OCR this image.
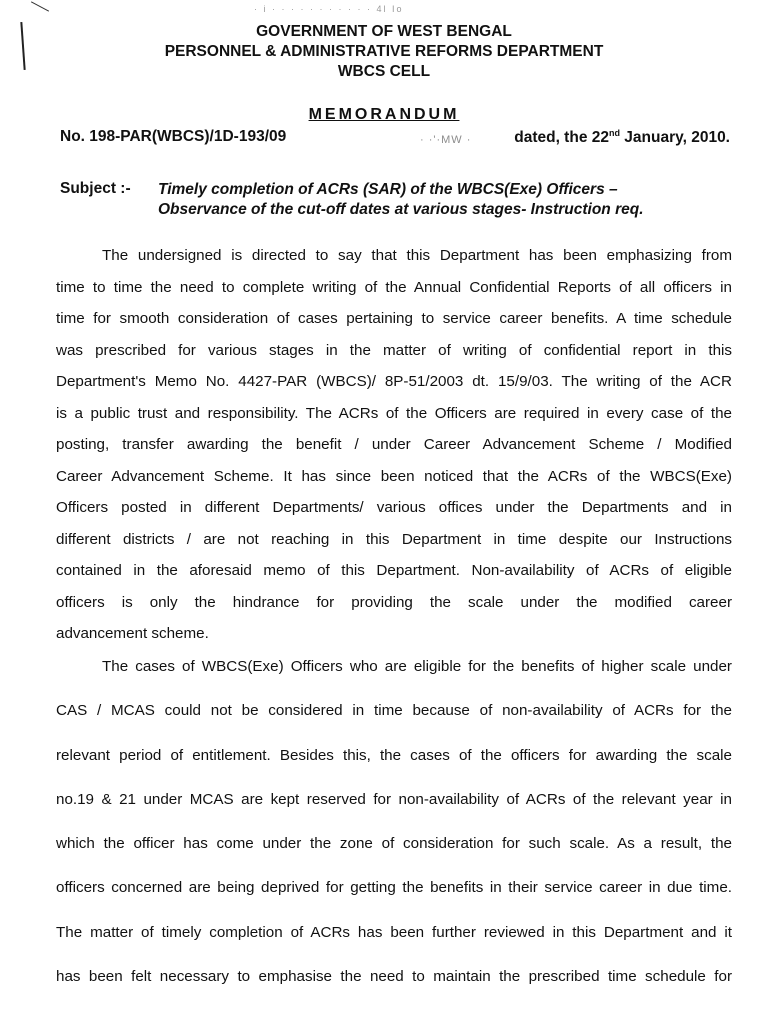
· i · · · · · · · · · · · 4l Io
GOVERNMENT OF WEST BENGAL
PERSONNEL & ADMINISTRATIVE REFORMS DEPARTMENT
WBCS CELL
MEMORANDUM
No. 198-PAR(WBCS)/1D-193/09	· ·'·MW ·	dated, the 22nd January, 2010.
Subject :- Timely completion of ACRs (SAR) of the WBCS(Exe) Officers –
Observance of the cut-off dates at various stages- Instruction req.
The undersigned is directed to say that this Department has been emphasizing from
time to time the need to complete writing of the Annual Confidential Reports of all officers in
time for smooth consideration of cases pertaining to service career benefits. A time schedule
was prescribed for various stages in the matter of writing of confidential report in this
Department's Memo No. 4427-PAR (WBCS)/ 8P-51/2003 dt. 15/9/03. The writing of the ACR
is a public trust and responsibility. The ACRs of the Officers are required in every case of the
posting, transfer awarding the benefit / under Career Advancement Scheme / Modified
Career Advancement Scheme. It has since been noticed that the ACRs of the WBCS(Exe)
Officers posted in different Departments/ various offices under the Departments and in
different districts / are not reaching in this Department in time despite our Instructions
contained in the aforesaid memo of this Department. Non-availability of ACRs of eligible
officers is only the hindrance for providing the scale under the modified career
advancement scheme.
The cases of WBCS(Exe) Officers who are eligible for the benefits of higher scale under
CAS / MCAS could not be considered in time because of non-availability of ACRs for the
relevant period of entitlement. Besides this, the cases of the officers for awarding the scale
no.19 & 21 under MCAS are kept reserved for non-availability of ACRs of the relevant year in
which the officer has come under the zone of consideration for such scale. As a result, the
officers concerned are being deprived for getting the benefits in their service career in due time.
The matter of timely completion of ACRs has been further reviewed in this Department and it
has been felt necessary to emphasise the need to maintain the prescribed time schedule for
